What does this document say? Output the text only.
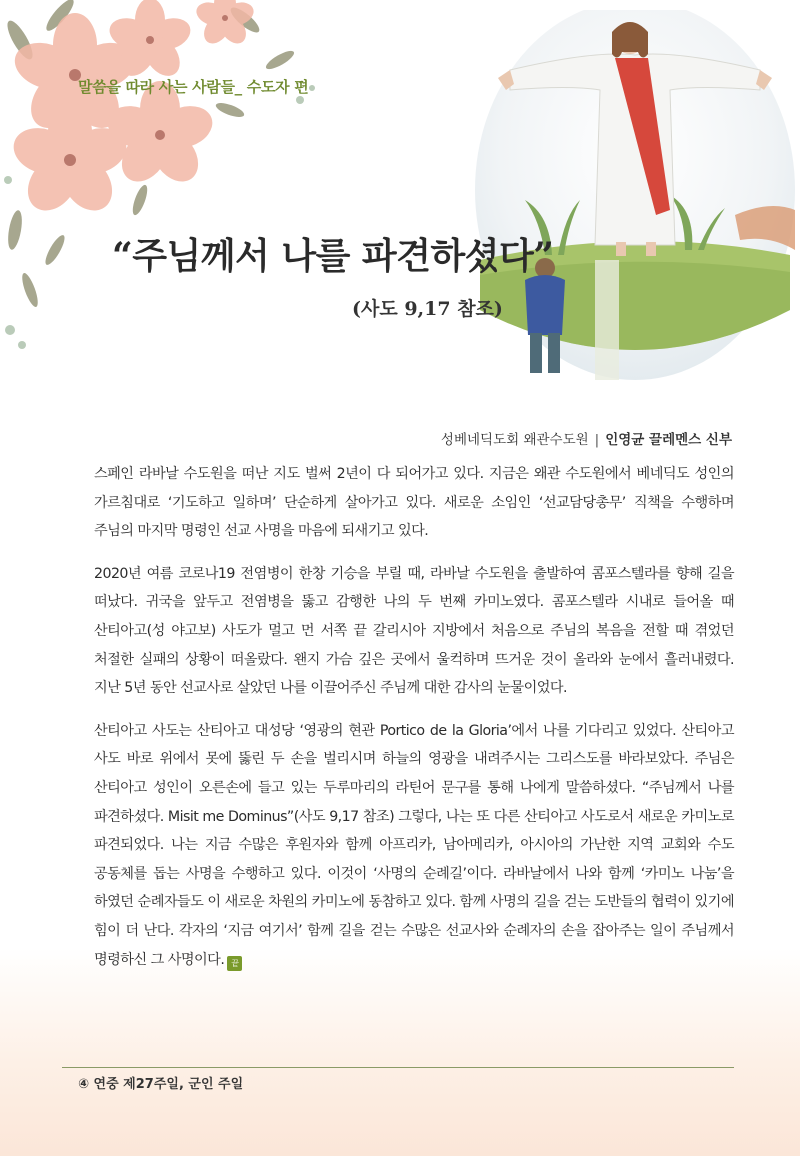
말씀을 따라 사는 사람들_ 수도자 편
“주님께서 나를 파견하셨다”
(사도 9,17 참조)
성베네딕도회 왜관수도원 | 인영균 끌레멘스 신부

스페인 라바날 수도원을 떠난 지도 벌써 2년이 다 되어가고 있다. 지금은 왜관 수도원에서 베네딕도 성인의 가르침대로 ‘기도하고 일하며’ 단순하게 살아가고 있다. 새로운 소임인 ‘선교담당총무’ 직책을 수행하며 주님의 마지막 명령인 선교 사명을 마음에 되새기고 있다.

2020년 여름 코로나19 전염병이 한창 기승을 부릴 때, 라바날 수도원을 출발하여 콤포스텔라를 향해 길을 떠났다. 귀국을 앞두고 전염병을 뚫고 감행한 나의 두 번째 카미노였다. 콤포스텔라 시내로 들어올 때 산티아고(성 야고보) 사도가 멀고 먼 서쪽 끝 갈리시아 지방에서 처음으로 주님의 복음을 전할 때 겪었던 처절한 실패의 상황이 떠올랐다. 왠지 가슴 깊은 곳에서 울컥하며 뜨거운 것이 올라와 눈에서 흘러내렸다. 지난 5년 동안 선교사로 살았던 나를 이끌어주신 주님께 대한 감사의 눈물이었다.

산티아고 사도는 산티아고 대성당 ‘영광의 현관 Portico de la Gloria’에서 나를 기다리고 있었다. 산티아고 사도 바로 위에서 못에 뚫린 두 손을 벌리시며 하늘의 영광을 내려주시는 그리스도를 바라보았다. 주님은 산티아고 성인이 오른손에 들고 있는 두루마리의 라틴어 문구를 통해 나에게 말씀하셨다. “주님께서 나를 파견하셨다. Misit me Dominus”(사도 9,17 참조) 그렇다, 나는 또 다른 산티아고 사도로서 새로운 카미노로 파견되었다. 나는 지금 수많은 후원자와 함께 아프리카, 남아메리카, 아시아의 가난한 지역 교회와 수도 공동체를 돕는 사명을 수행하고 있다. 이것이 ‘사명의 순례길’이다. 라바날에서 나와 함께 ‘카미노 나눔’을 하였던 순례자들도 이 새로운 차원의 카미노에 동참하고 있다. 함께 사명의 길을 걷는 도반들의 협력이 있기에 힘이 더 난다. 각자의 ‘지금 여기서’ 함께 길을 걷는 수많은 선교사와 순례자의 손을 잡아주는 일이 주님께서 명령하신 그 사명이다. 끝

④ 연중 제27주일, 군인 주일
